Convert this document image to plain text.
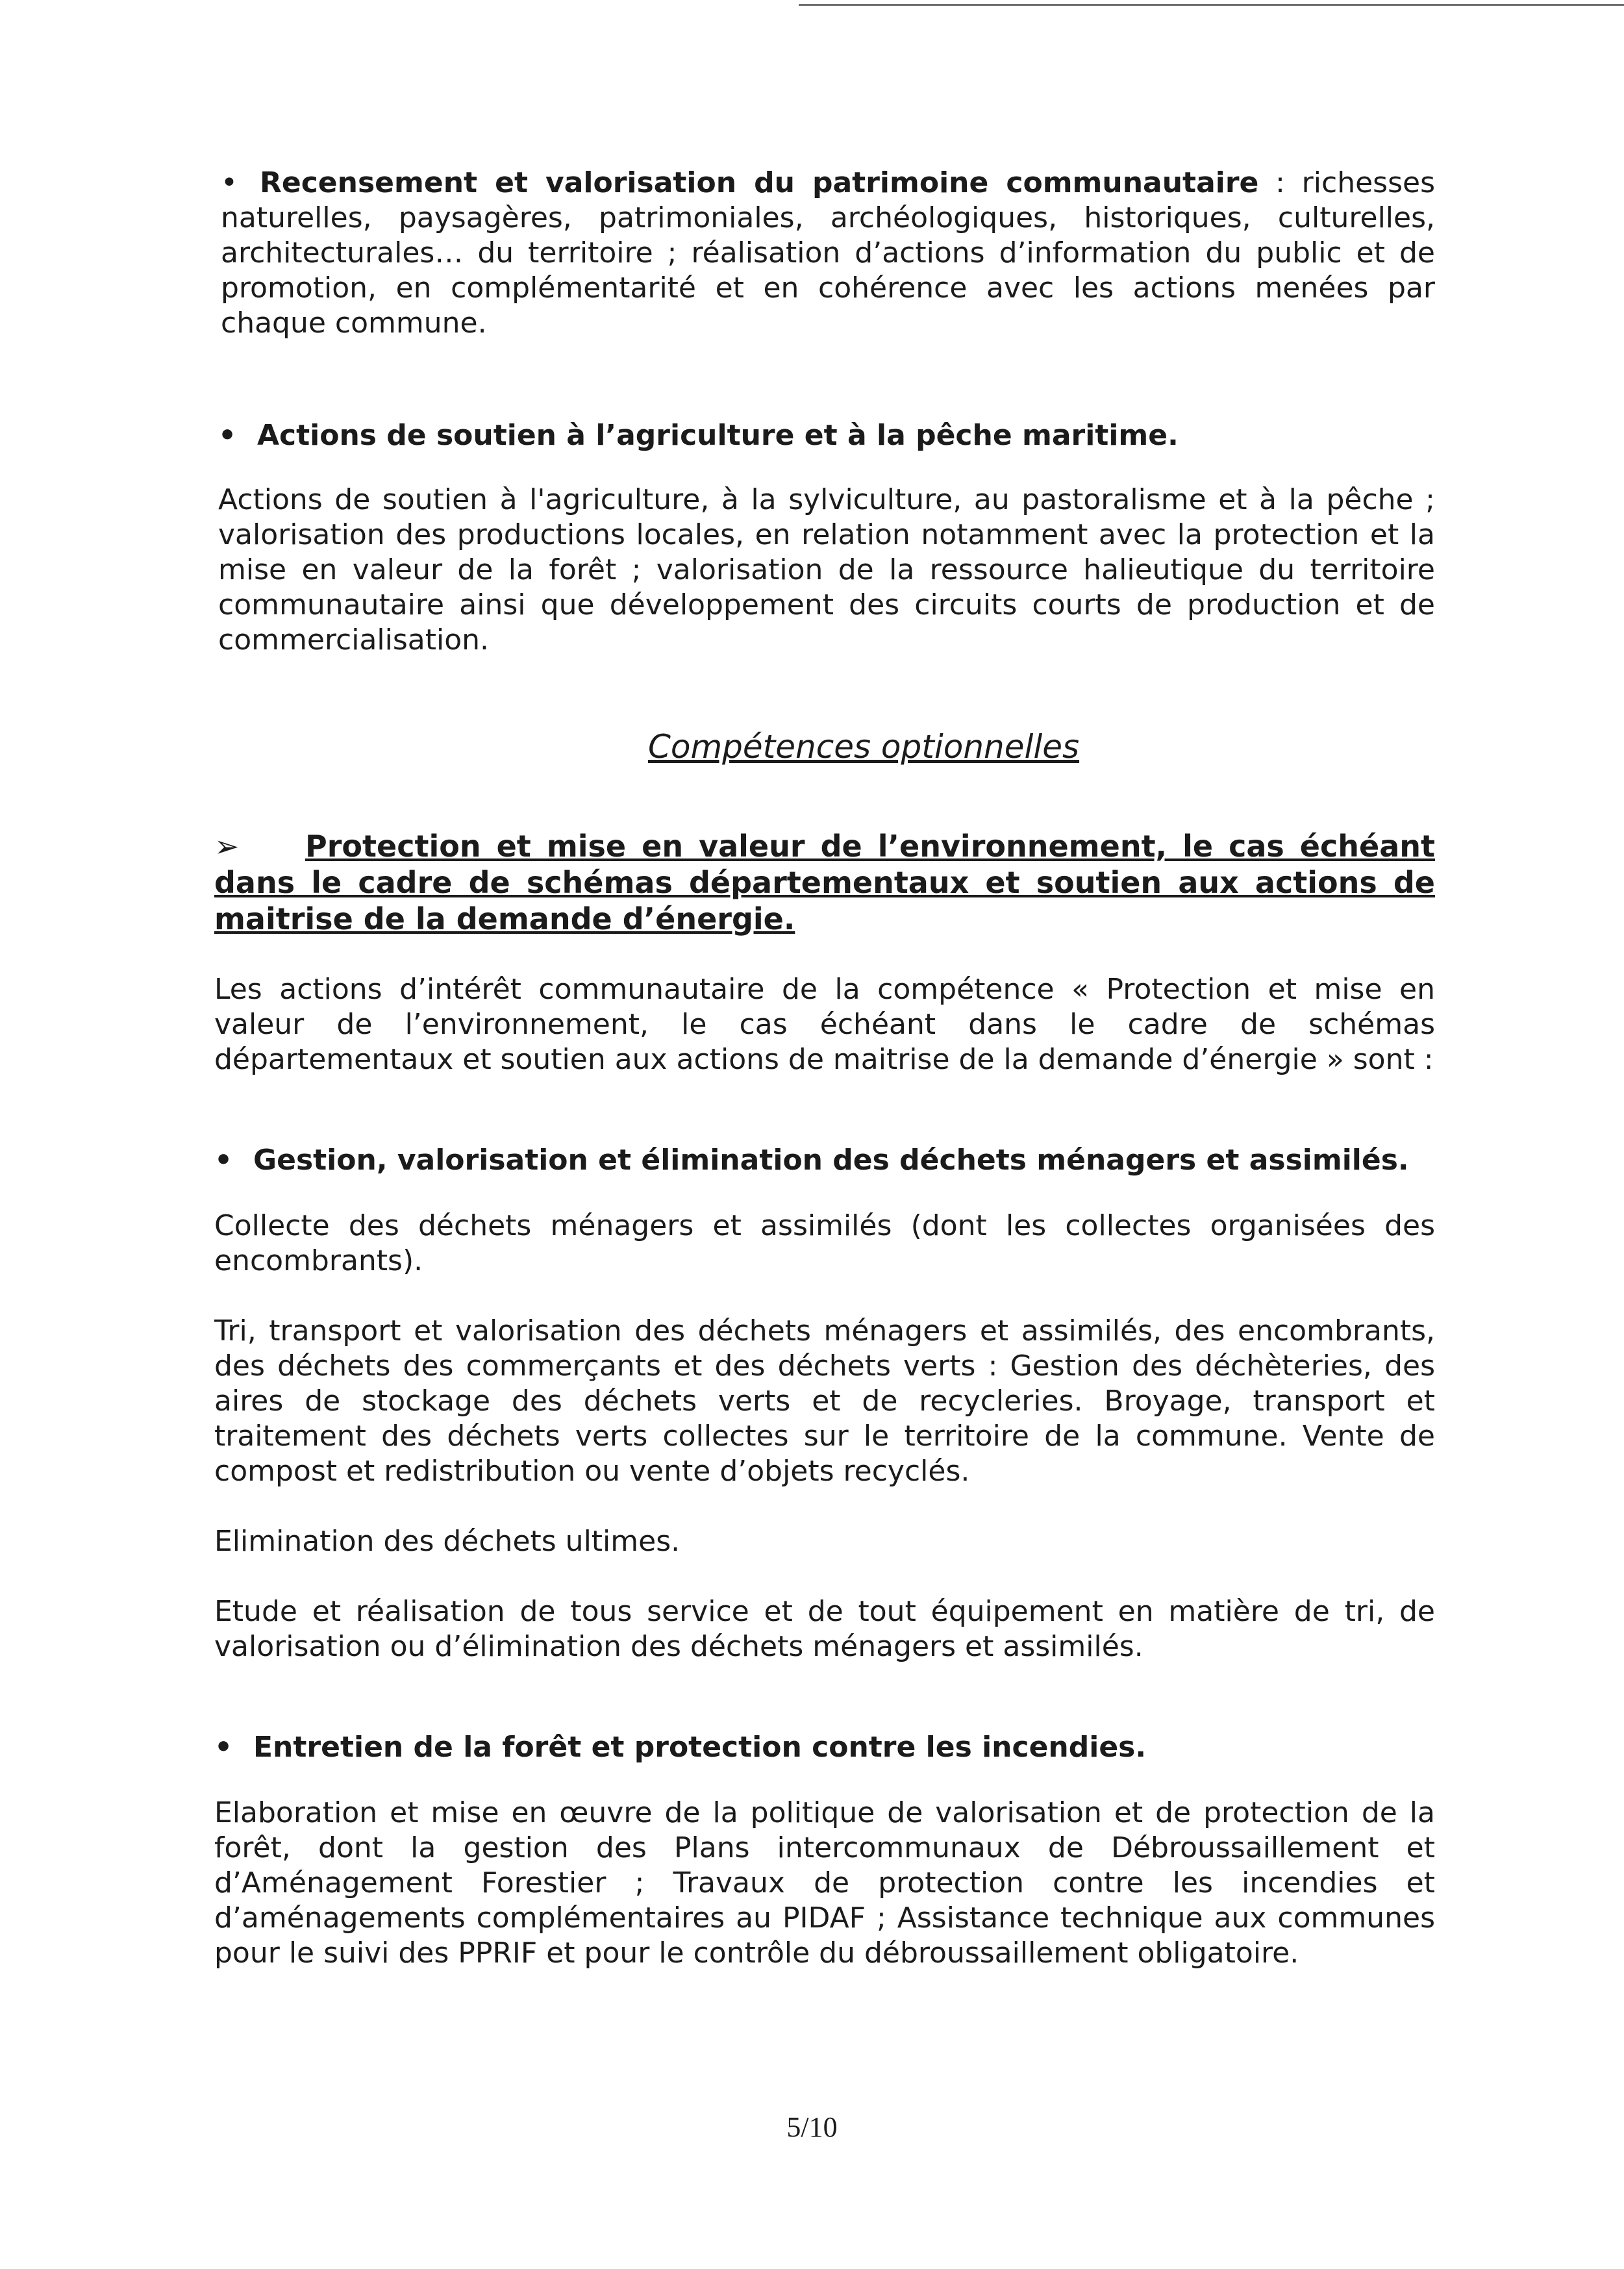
• Recensement et valorisation du patrimoine communautaire : richesses naturelles, paysagères, patrimoniales, archéologiques, historiques, culturelles, architecturales… du territoire ; réalisation d’actions d’information du public et de promotion, en complémentarité et en cohérence avec les actions menées par chaque commune.

• Actions de soutien à l’agriculture et à la pêche maritime.

Actions de soutien à l'agriculture, à la sylviculture, au pastoralisme et à la pêche ; valorisation des productions locales, en relation notamment avec la protection et la mise en valeur de la forêt ; valorisation de la ressource halieutique du territoire communautaire ainsi que développement des circuits courts de production et de commercialisation.

Compétences optionnelles

➢ Protection et mise en valeur de l’environnement, le cas échéant dans le cadre de schémas départementaux et soutien aux actions de maitrise de la demande d’énergie.

Les actions d’intérêt communautaire de la compétence « Protection et mise en valeur de l’environnement, le cas échéant dans le cadre de schémas départementaux et soutien aux actions de maitrise de la demande d’énergie » sont :

• Gestion, valorisation et élimination des déchets ménagers et assimilés.

Collecte des déchets ménagers et assimilés (dont les collectes organisées des encombrants).

Tri, transport et valorisation des déchets ménagers et assimilés, des encombrants, des déchets des commerçants et des déchets verts : Gestion des déchèteries, des aires de stockage des déchets verts et de recycleries. Broyage, transport et traitement des déchets verts collectes sur le territoire de la commune. Vente de compost et redistribution ou vente d’objets recyclés.

Elimination des déchets ultimes.

Etude et réalisation de tous service et de tout équipement en matière de tri, de valorisation ou d’élimination des déchets ménagers et assimilés.

• Entretien de la forêt et protection contre les incendies.

Elaboration et mise en œuvre de la politique de valorisation et de protection de la forêt, dont la gestion des Plans intercommunaux de Débroussaillement et d’Aménagement Forestier ; Travaux de protection contre les incendies et d’aménagements complémentaires au PIDAF ; Assistance technique aux communes pour le suivi des PPRIF et pour le contrôle du débroussaillement obligatoire.

5/10
